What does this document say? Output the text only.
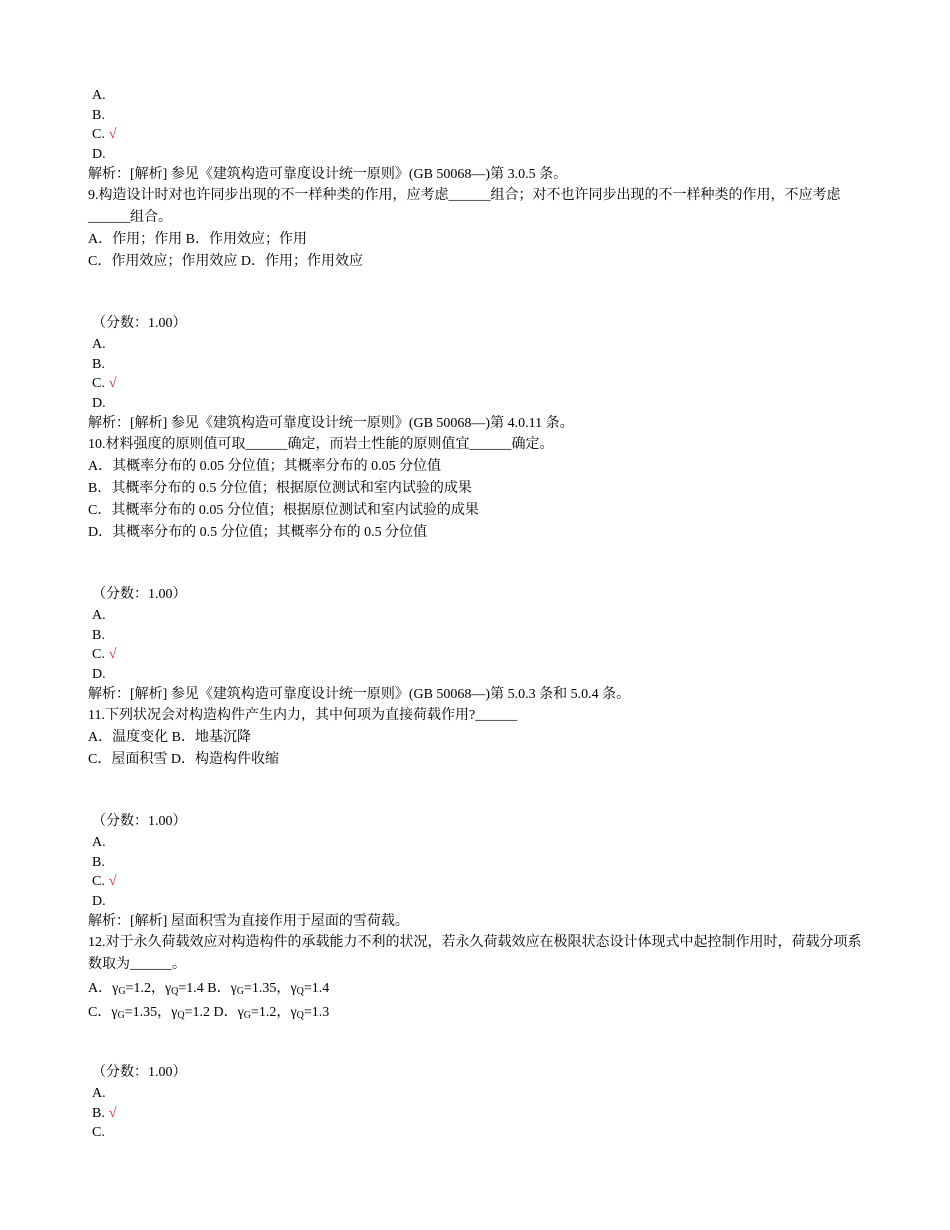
A.
B.
C. √
D.
解析：[解析] 参见《建筑构造可靠度设计统一原则》(GB 50068—)第 3.0.5 条。
9.构造设计时对也许同步出现的不一样种类的作用，应考虑______组合；对不也许同步出现的不一样种类的作用，不应考虑______组合。
A．作用；作用 B．作用效应；作用
C．作用效应；作用效应 D．作用；作用效应
（分数：1.00）
A.
B.
C. √
D.
解析：[解析] 参见《建筑构造可靠度设计统一原则》(GB 50068—)第 4.0.11 条。
10.材料强度的原则值可取______确定，而岩土性能的原则值宜______确定。
A．其概率分布的 0.05 分位值；其概率分布的 0.05 分位值
B．其概率分布的 0.5 分位值；根据原位测试和室内试验的成果
C．其概率分布的 0.05 分位值；根据原位测试和室内试验的成果
D．其概率分布的 0.5 分位值；其概率分布的 0.5 分位值
（分数：1.00）
A.
B.
C. √
D.
解析：[解析] 参见《建筑构造可靠度设计统一原则》(GB 50068—)第 5.0.3 条和 5.0.4 条。
11.下列状况会对构造构件产生内力，其中何项为直接荷载作用?______
A．温度变化 B．地基沉降
C．屋面积雪 D．构造构件收缩
（分数：1.00）
A.
B.
C. √
D.
解析：[解析] 屋面积雪为直接作用于屋面的雪荷载。
12.对于永久荷载效应对构造构件的承载能力不利的状况，若永久荷载效应在极限状态设计体现式中起控制作用时，荷载分项系数取为______。
A．$\gamma_G=1.2$，$\gamma_Q=1.4$ B．$\gamma_G=1.35$，$\gamma_Q=1.4$
C．$\gamma_G=1.35$，$\gamma_Q=1.2$ D．$\gamma_G=1.2$，$\gamma_Q=1.3$
（分数：1.00）
A.
B. √
C.
